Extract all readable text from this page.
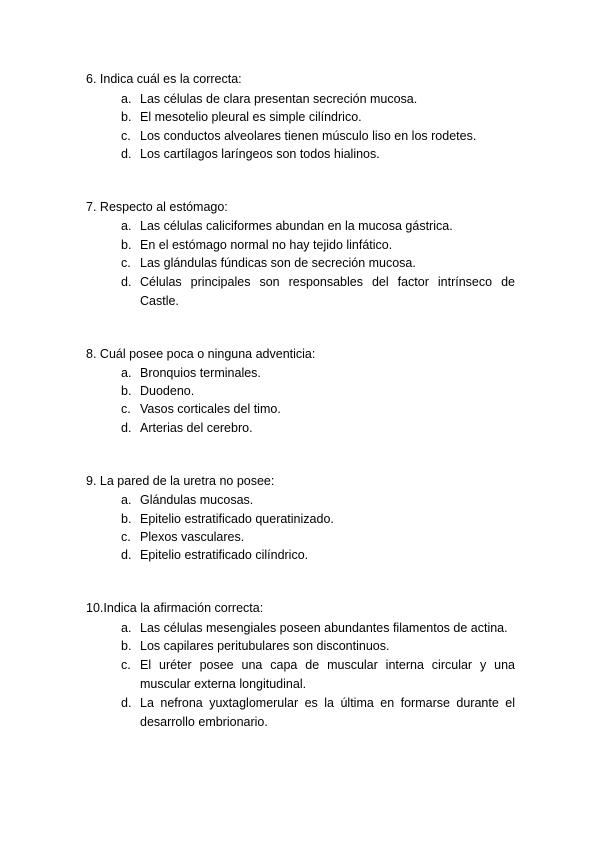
6. Indica cuál es la correcta:
a. Las células de clara presentan secreción mucosa.
b. El mesotelio pleural es simple cilíndrico.
c. Los conductos alveolares tienen músculo liso en los rodetes.
d. Los cartílagos laríngeos son todos hialinos.
7. Respecto al estómago:
a. Las células caliciformes abundan en la mucosa gástrica.
b. En el estómago normal no hay tejido linfático.
c. Las glándulas fúndicas son de secreción mucosa.
d. Células principales son responsables del factor intrínseco de Castle.
8. Cuál posee poca o ninguna adventicia:
a. Bronquios terminales.
b. Duodeno.
c. Vasos corticales del timo.
d. Arterias del cerebro.
9. La pared de la uretra no posee:
a. Glándulas mucosas.
b. Epitelio estratificado queratinizado.
c. Plexos vasculares.
d. Epitelio estratificado cilíndrico.
10.Indica la afirmación correcta:
a. Las células mesengiales poseen abundantes filamentos de actina.
b. Los capilares peritubulares son discontinuos.
c. El uréter posee una capa de muscular interna circular y una muscular externa longitudinal.
d. La nefrona yuxtaglomerular es la última en formarse durante el desarrollo embrionario.
